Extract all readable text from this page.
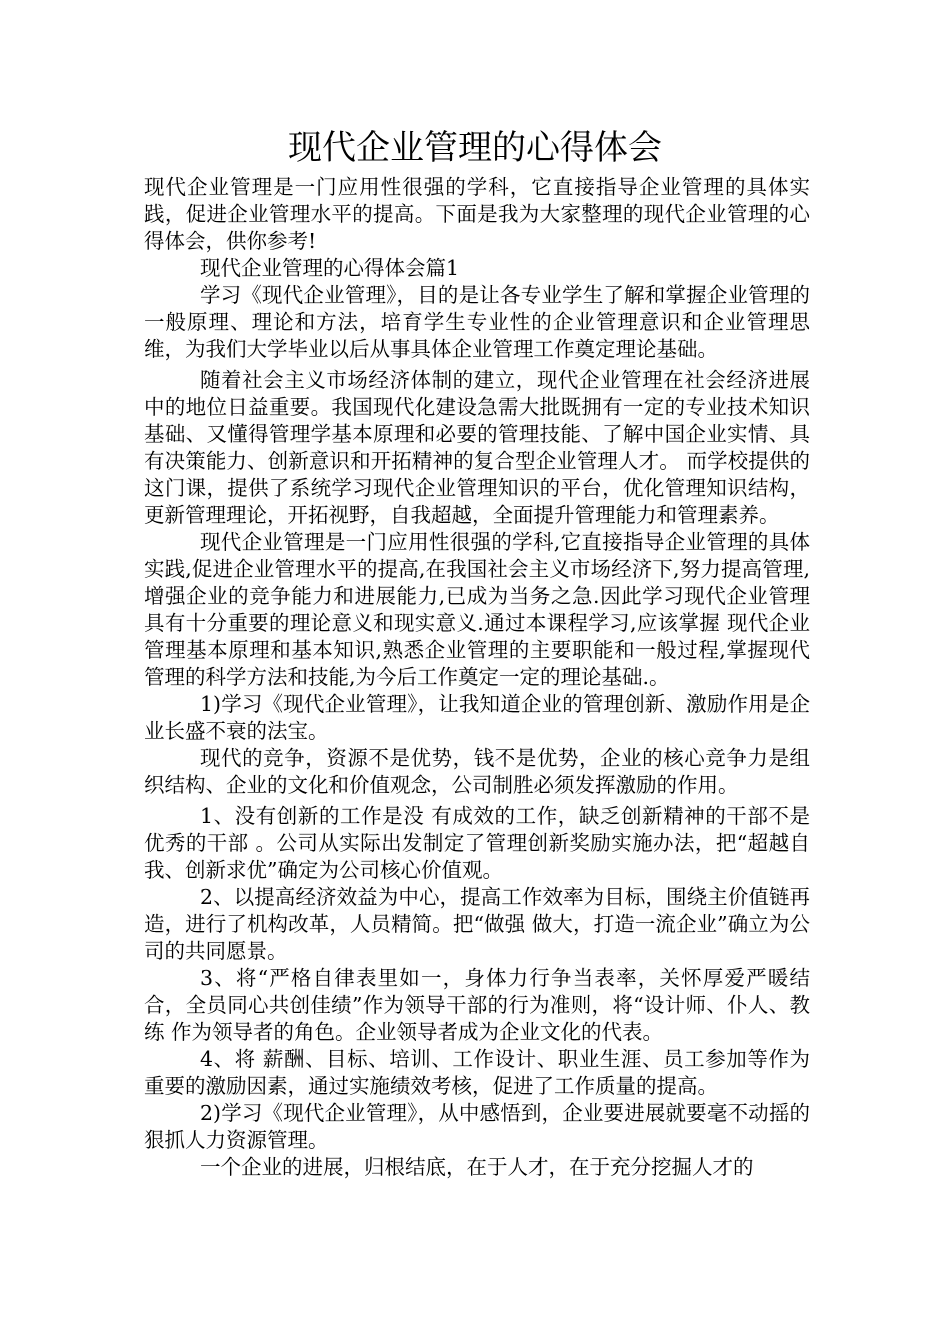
现代企业管理的心得体会

现代企业管理是一门应用性很强的学科，它直接指导企业管理的具体实践，促进企业管理水平的提高。下面是我为大家整理的现代企业管理的心得体会，供你参考!

现代企业管理的心得体会篇1

学习《现代企业管理》，目的是让各专业学生了解和掌握企业管理的一般原理、理论和方法，培育学生专业性的企业管理意识和企业管理思维，为我们大学毕业以后从事具体企业管理工作奠定理论基础。

随着社会主义市场经济体制的建立，现代企业管理在社会经济进展中的地位日益重要。我国现代化建设急需大批既拥有一定的专业技术知识基础、又懂得管理学基本原理和必要的管理技能、了解中国企业实情、具有决策能力、创新意识和开拓精神的复合型企业管理人才。 而学校提供的这门课，提供了系统学习现代企业管理知识的平台，优化管理知识结构，更新管理理论，开拓视野，自我超越，全面提升管理能力和管理素养。

现代企业管理是一门应用性很强的学科,它直接指导企业管理的具体实践,促进企业管理水平的提高,在我国社会主义市场经济下,努力提高管理,增强企业的竞争能力和进展能力,已成为当务之急.因此学习现代企业管理具有十分重要的理论意义和现实意义.通过本课程学习,应该掌握 现代企业管理基本原理和基本知识,熟悉企业管理的主要职能和一般过程,掌握现代管理的科学方法和技能,为今后工作奠定一定的理论基础.。

1)学习《现代企业管理》，让我知道企业的管理创新、激励作用是企业长盛不衰的法宝。

现代的竞争，资源不是优势，钱不是优势，企业的核心竞争力是组织结构、企业的文化和价值观念，公司制胜必须发挥激励的作用。

1、没有创新的工作是没 有成效的工作，缺乏创新精神的干部不是优秀的干部 。公司从实际出发制定了管理创新奖励实施办法，把“超越自我、创新求优”确定为公司核心价值观。

2、以提高经济效益为中心，提高工作效率为目标，围绕主价值链再造，进行了机构改革，人员精简。把“做强 做大，打造一流企业”确立为公司的共同愿景。

3、将“严格自律表里如一，身体力行争当表率，关怀厚爱严暖结合，全员同心共创佳绩”作为领导干部的行为准则，将“设计师、仆人、教练 作为领导者的角色。企业领导者成为企业文化的代表。

4、将 薪酬、目标、培训、工作设计、职业生涯、员工参加等作为重要的激励因素，通过实施绩效考核，促进了工作质量的提高。

2)学习《现代企业管理》，从中感悟到，企业要进展就要毫不动摇的狠抓人力资源管理。

一个企业的进展，归根结底，在于人才，在于充分挖掘人才的
